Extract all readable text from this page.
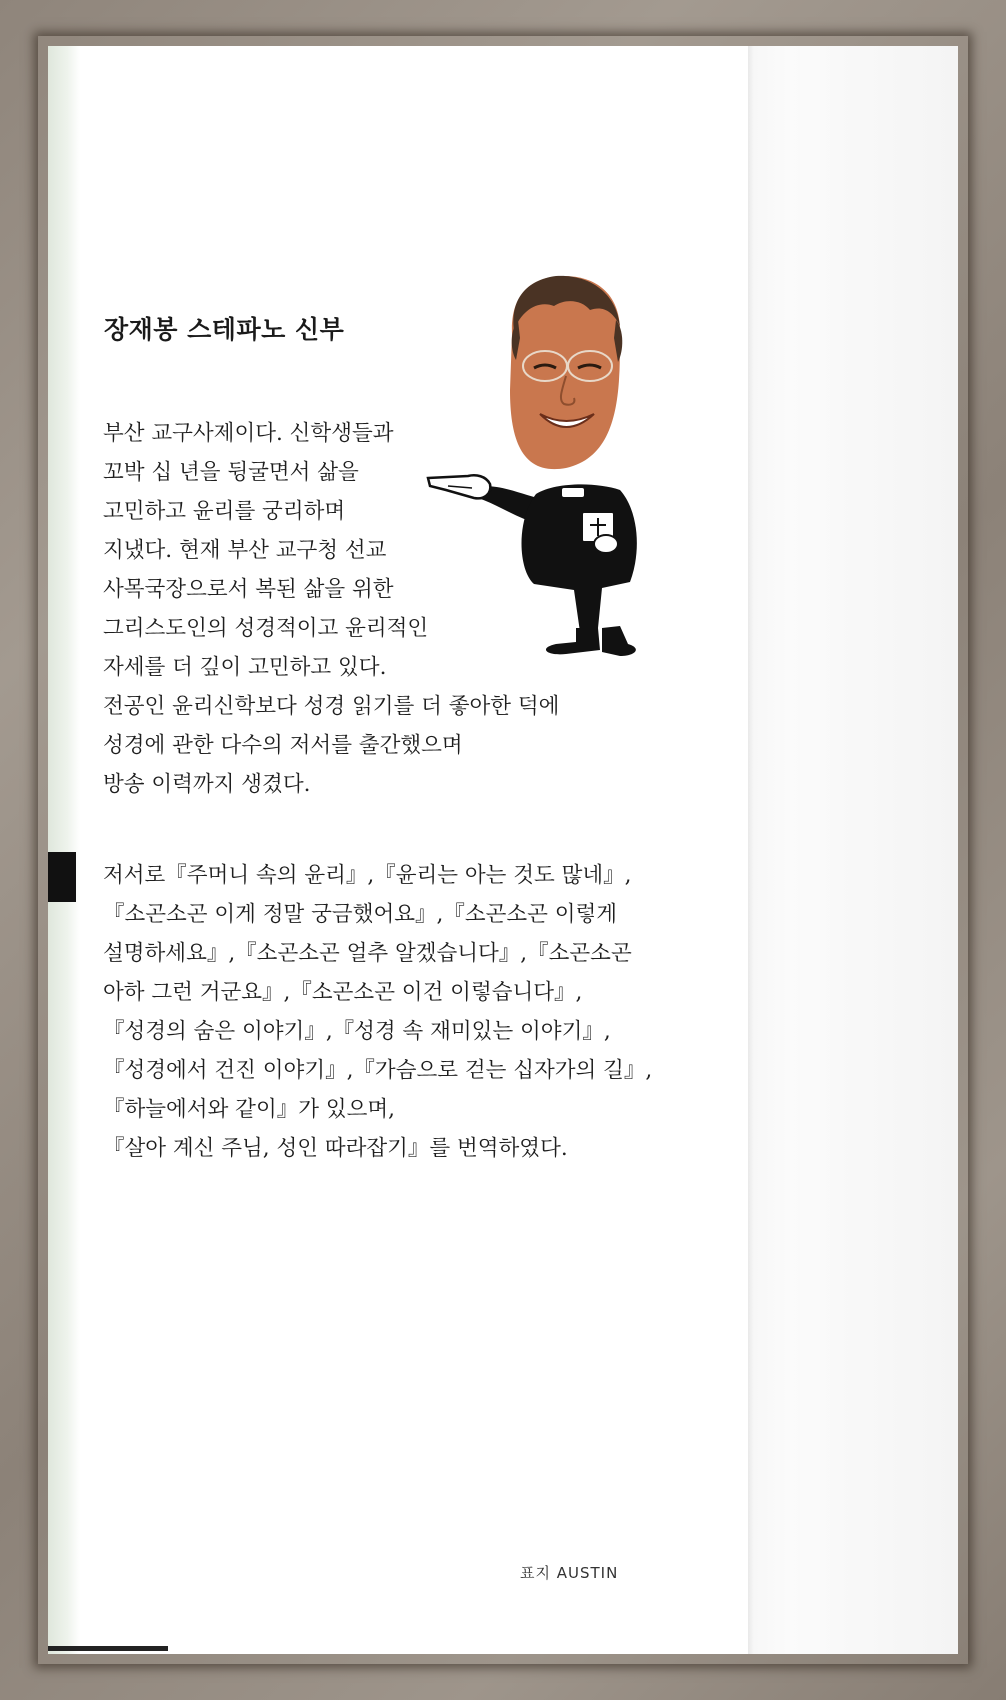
장재봉 스테파노 신부
부산 교구사제이다. 신학생들과
꼬박 십 년을 뒹굴면서 삶을
고민하고 윤리를 궁리하며
지냈다. 현재 부산 교구청 선교
사목국장으로서 복된 삶을 위한
그리스도인의 성경적이고 윤리적인
자세를 더 깊이 고민하고 있다.
전공인 윤리신학보다 성경 읽기를 더 좋아한 덕에
성경에 관한 다수의 저서를 출간했으며
방송 이력까지 생겼다.
저서로『주머니 속의 윤리』,『윤리는 아는 것도 많네』,
『소곤소곤 이게 정말 궁금했어요』,『소곤소곤 이렇게
설명하세요』,『소곤소곤 얼추 알겠습니다』,『소곤소곤
아하 그런 거군요』,『소곤소곤 이건 이렇습니다』,
『성경의 숨은 이야기』,『성경 속 재미있는 이야기』,
『성경에서 건진 이야기』,『가슴으로 걷는 십자가의 길』,
『하늘에서와 같이』가 있으며,
『살아 계신 주님, 성인 따라잡기』를 번역하였다.
표지 AUSTIN
